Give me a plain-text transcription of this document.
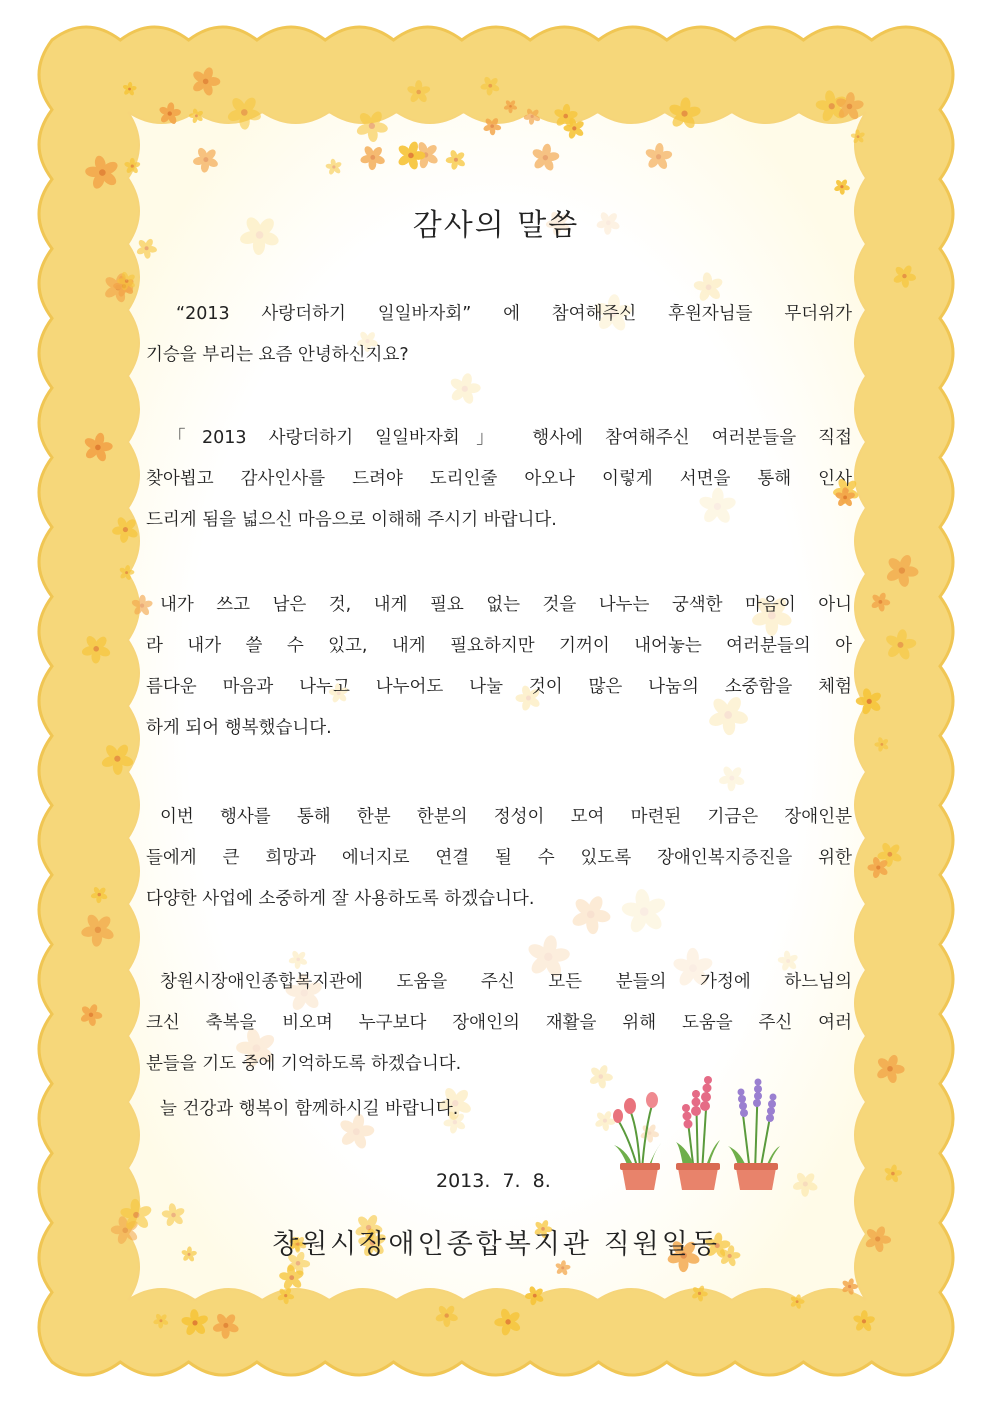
감사의 말씀
“2013 사랑더하기 일일바자회” 에 참여해주신 후원자님들 무더위가
기승을 부리는 요즘 안녕하신지요?
「2013 사랑더하기 일일바자회」 행사에 참여해주신 여러분들을 직접
찾아뵙고 감사인사를 드려야 도리인줄 아오나 이렇게 서면을 통해 인사
드리게 됨을 넓으신 마음으로 이해해 주시기 바랍니다.
내가 쓰고 남은 것, 내게 필요 없는 것을 나누는 궁색한 마음이 아니
라 내가 쓸 수 있고, 내게 필요하지만 기꺼이 내어놓는 여러분들의 아
름다운 마음과 나누고 나누어도 나눌 것이 많은 나눔의 소중함을 체험
하게 되어 행복했습니다.
이번 행사를 통해 한분 한분의 정성이 모여 마련된 기금은 장애인분
들에게 큰 희망과 에너지로 연결 될 수 있도록 장애인복지증진을 위한
다양한 사업에 소중하게 잘 사용하도록 하겠습니다.
창원시장애인종합복지관에 도움을 주신 모든 분들의 가정에 하느님의
크신 축복을 비오며 누구보다 장애인의 재활을 위해 도움을 주신 여러
분들을 기도 중에 기억하도록 하겠습니다.
늘 건강과 행복이 함께하시길 바랍니다.
2013.  7.  8.
창원시장애인종합복지관 직원일동
